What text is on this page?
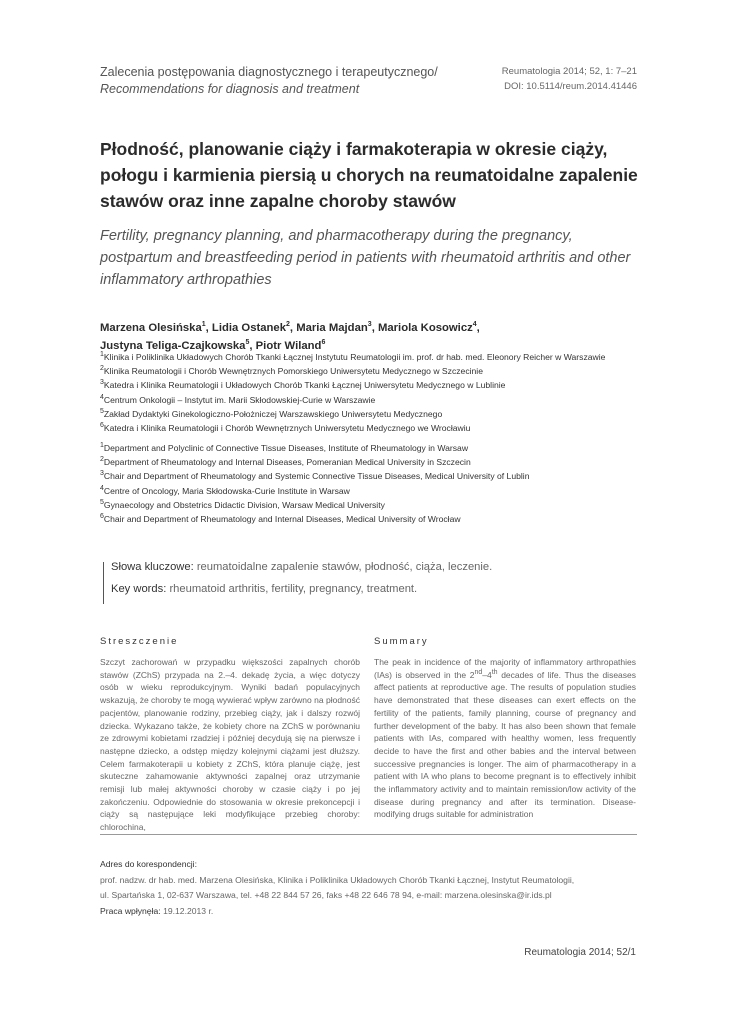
Zalecenia postępowania diagnostycznego i terapeutycznego/
Recommendations for diagnosis and treatment
Reumatologia 2014; 52, 1: 7–21
DOI: 10.5114/reum.2014.41446
Płodność, planowanie ciąży i farmakoterapia w okresie ciąży, połogu i karmienia piersią u chorych na reumatoidalne zapalenie stawów oraz inne zapalne choroby stawów
Fertility, pregnancy planning, and pharmacotherapy during the pregnancy, postpartum and breastfeeding period in patients with rheumatoid arthritis and other inflammatory arthropathies
Marzena Olesińska$^1$, Lidia Ostanek$^2$, Maria Majdan$^3$, Mariola Kosowicz$^4$,
Justyna Teliga-Czajkowska$^5$, Piotr Wiland$^6$
$^1$Klinika i Poliklinika Układowych Chorób Tkanki Łącznej Instytutu Reumatologii im. prof. dr hab. med. Eleonory Reicher w Warszawie
$^2$Klinika Reumatologii i Chorób Wewnętrznych Pomorskiego Uniwersytetu Medycznego w Szczecinie
$^3$Katedra i Klinika Reumatologii i Układowych Chorób Tkanki Łącznej Uniwersytetu Medycznego w Lublinie
$^4$Centrum Onkologii – Instytut im. Marii Skłodowskiej-Curie w Warszawie
$^5$Zakład Dydaktyki Ginekologiczno-Położniczej Warszawskiego Uniwersytetu Medycznego
$^6$Katedra i Klinika Reumatologii i Chorób Wewnętrznych Uniwersytetu Medycznego we Wrocławiu
$^1$Department and Polyclinic of Connective Tissue Diseases, Institute of Rheumatology in Warsaw
$^2$Department of Rheumatology and Internal Diseases, Pomeranian Medical University in Szczecin
$^3$Chair and Department of Rheumatology and Systemic Connective Tissue Diseases, Medical University of Lublin
$^4$Centre of Oncology, Maria Skłodowska-Curie Institute in Warsaw
$^5$Gynaecology and Obstetrics Didactic Division, Warsaw Medical University
$^6$Chair and Department of Rheumatology and Internal Diseases, Medical University of Wrocław
Słowa kluczowe: reumatoidalne zapalenie stawów, płodność, ciąża, leczenie.
Key words: rheumatoid arthritis, fertility, pregnancy, treatment.
Streszczenie
Szczyt zachorowań w przypadku większości zapalnych chorób stawów (ZChS) przypada na 2.–4. dekadę życia, a więc dotyczy osób w wieku reprodukcyjnym. Wyniki badań populacyjnych wskazują, że choroby te mogą wywierać wpływ zarówno na płodność pacjentów, planowanie rodziny, przebieg ciąży, jak i dalszy rozwój dziecka. Wykazano także, że kobiety chore na ZChS w porównaniu ze zdrowymi kobietami rzadziej i później decydują się na pierwsze i następne dziecko, a odstęp między kolejnymi ciążami jest dłuższy. Celem farmakoterapii u kobiety z ZChS, która planuje ciążę, jest skuteczne zahamowanie aktywności zapalnej oraz utrzymanie remisji lub małej aktywności choroby w czasie ciąży i po jej zakończeniu. Odpowiednie do stosowania w okresie prekoncepcji i ciąży są następujące leki modyfikujące przebieg choroby: chlorochina,
Summary
The peak in incidence of the majority of inflammatory arthropathies (IAs) is observed in the 2nd–4th decades of life. Thus the diseases affect patients at reproductive age. The results of population studies have demonstrated that these diseases can exert effects on the fertility of the patients, family planning, course of pregnancy and further development of the baby. It has also been shown that female patients with IAs, compared with healthy women, less frequently decide to have the first and other babies and the interval between successive pregnancies is longer. The aim of pharmacotherapy in a patient with IA who plans to become pregnant is to effectively inhibit the inflammatory activity and to maintain remission/low activity of the disease during pregnancy and after its termination. Disease-modifying drugs suitable for administration
Adres do korespondencji:
prof. nadzw. dr hab. med. Marzena Olesińska, Klinika i Poliklinika Układowych Chorób Tkanki Łącznej, Instytut Reumatologii,
ul. Spartańska 1, 02-637 Warszawa, tel. +48 22 844 57 26, faks +48 22 646 78 94, e-mail: marzena.olesinska@ir.ids.pl
Praca wpłynęła: 19.12.2013 r.
Reumatologia 2014; 52/1
